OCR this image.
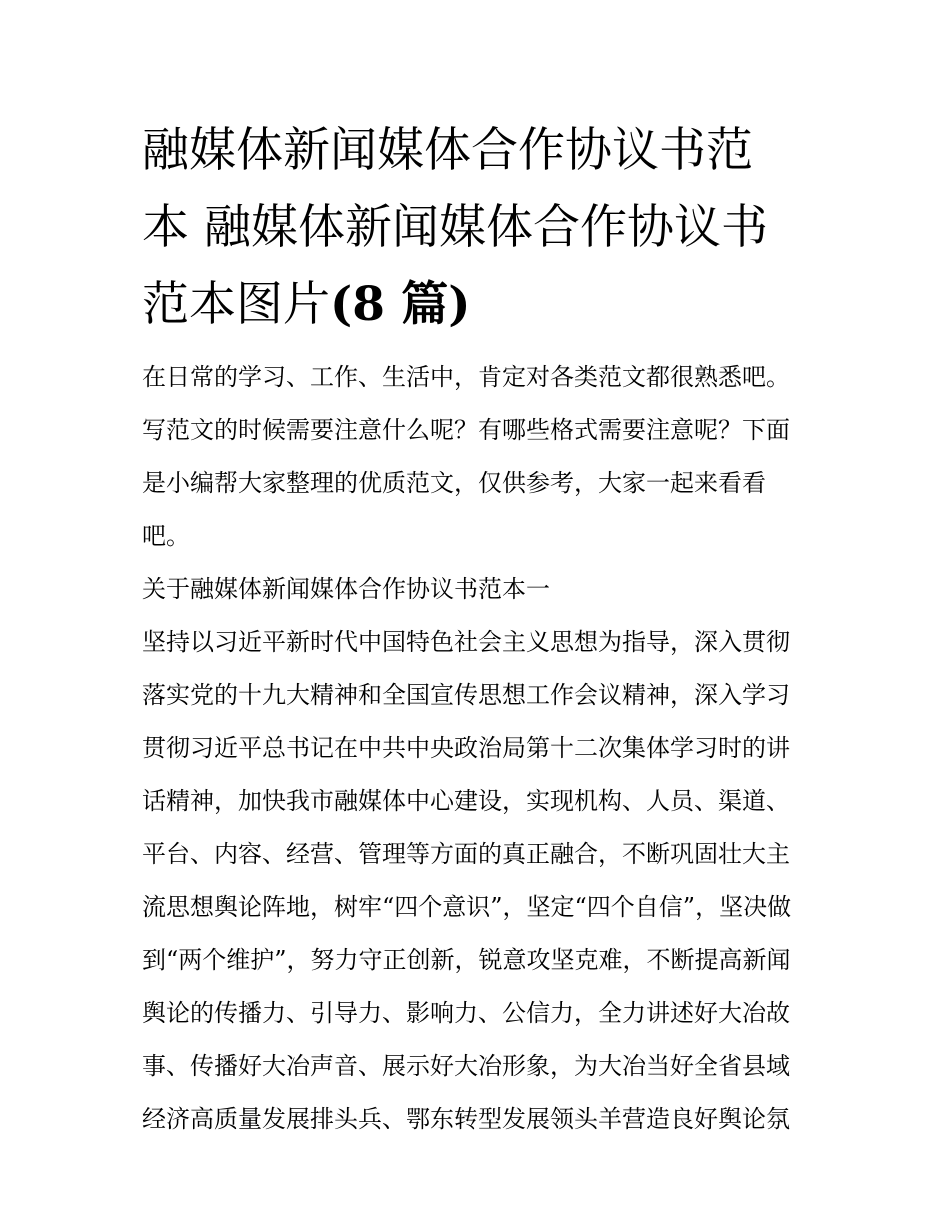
融媒体新闻媒体合作协议书范
本 融媒体新闻媒体合作协议书
范本图片(8 篇)

在日常的学习、工作、生活中，肯定对各类范文都很熟悉吧。
写范文的时候需要注意什么呢？有哪些格式需要注意呢？下面
是小编帮大家整理的优质范文，仅供参考，大家一起来看看
吧。

关于融媒体新闻媒体合作协议书范本一

坚持以习近平新时代中国特色社会主义思想为指导，深入贯彻
落实党的十九大精神和全国宣传思想工作会议精神，深入学习
贯彻习近平总书记在中共中央政治局第十二次集体学习时的讲
话精神，加快我市融媒体中心建设，实现机构、人员、渠道、
平台、内容、经营、管理等方面的真正融合，不断巩固壮大主
流思想舆论阵地，树牢“四个意识”，坚定“四个自信”，坚决做
到“两个维护”，努力守正创新，锐意攻坚克难，不断提高新闻
舆论的传播力、引导力、影响力、公信力，全力讲述好大冶故
事、传播好大冶声音、展示好大冶形象，为大冶当好全省县域
经济高质量发展排头兵、鄂东转型发展领头羊营造良好舆论氛
